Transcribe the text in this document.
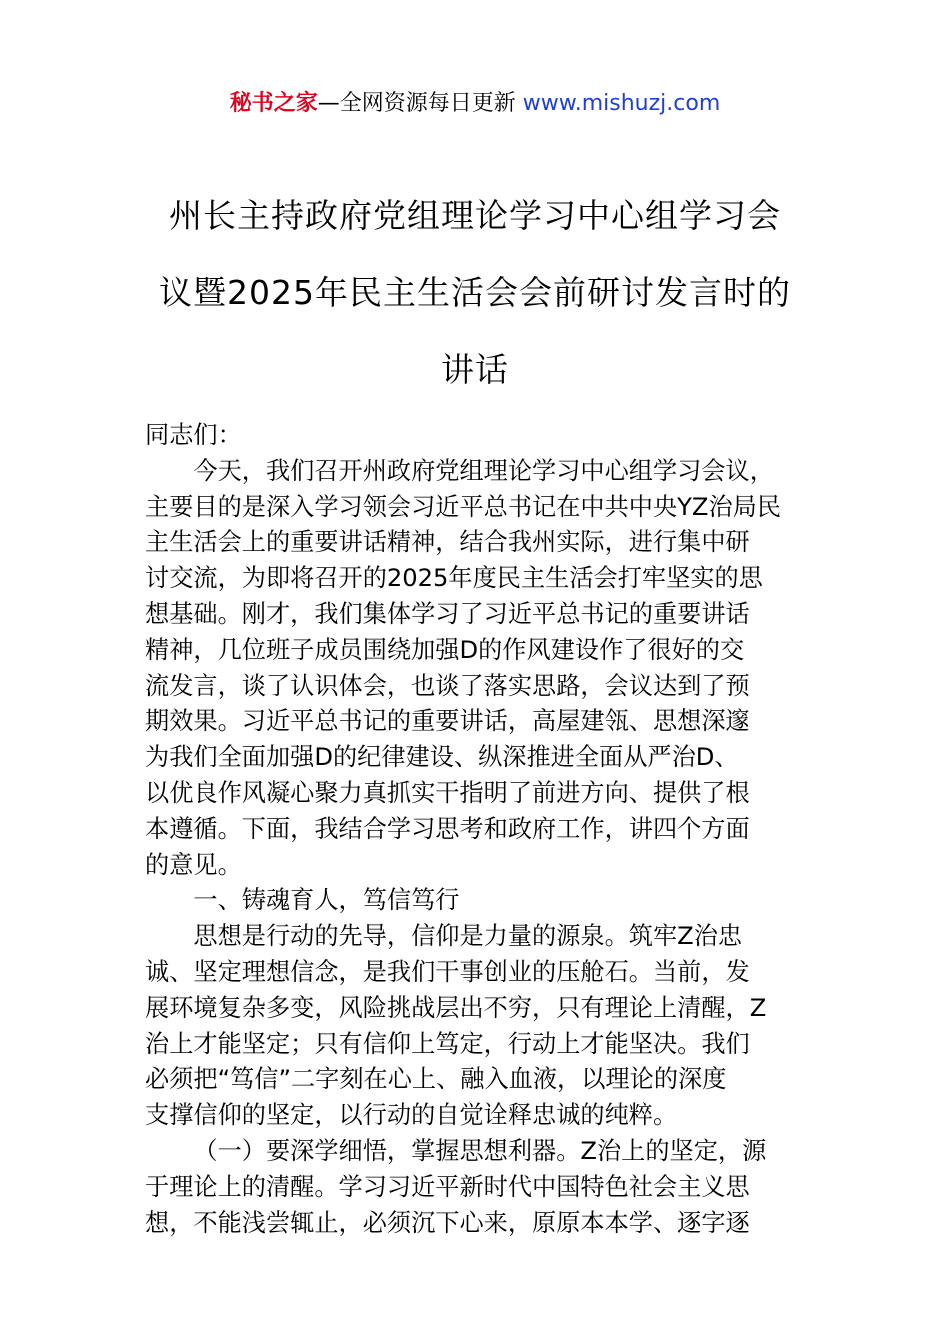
秘书之家—全网资源每日更新 www.mishuzj.com
州长主持政府党组理论学习中心组学习会
议暨2025年民主生活会会前研讨发言时的
讲话

同志们：

今天，我们召开州政府党组理论学习中心组学习会议，
主要目的是深入学习领会习近平总书记在中共中央YZ治局民
主生活会上的重要讲话精神，结合我州实际，进行集中研
讨交流，为即将召开的2025年度民主生活会打牢坚实的思
想基础。刚才，我们集体学习了习近平总书记的重要讲话
精神，几位班子成员围绕加强D的作风建设作了很好的交
流发言，谈了认识体会，也谈了落实思路，会议达到了预
期效果。习近平总书记的重要讲话，高屋建瓴、思想深邃
为我们全面加强D的纪律建设、纵深推进全面从严治D、
以优良作风凝心聚力真抓实干指明了前进方向、提供了根
本遵循。下面，我结合学习思考和政府工作，讲四个方面
的意见。

一、铸魂育人，笃信笃行

思想是行动的先导，信仰是力量的源泉。筑牢Z治忠
诚、坚定理想信念，是我们干事创业的压舱石。当前，发
展环境复杂多变，风险挑战层出不穷，只有理论上清醒，Z
治上才能坚定；只有信仰上笃定，行动上才能坚决。我们
必须把“笃信”二字刻在心上、融入血液，以理论的深度
支撑信仰的坚定，以行动的自觉诠释忠诚的纯粹。

（一）要深学细悟，掌握思想利器。Z治上的坚定，源
于理论上的清醒。学习习近平新时代中国特色社会主义思
想，不能浅尝辄止，必须沉下心来，原原本本学、逐字逐
